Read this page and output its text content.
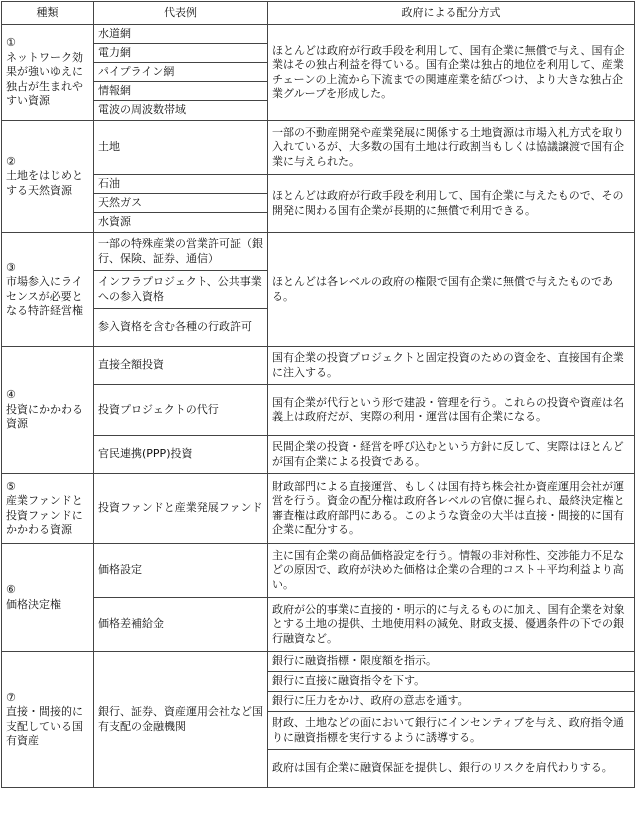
種類	代表例	政府による配分方式

①
ネットワーク効果が強いゆえに独占が生まれやすい資源	水道網	ほとんどは政府が行政手段を利用して、国有企業に無償で与え、国有企業はその独占利益を得ている。国有企業は独占的地位を利用して、産業チェーンの上流から下流までの関連産業を結びつけ、より大きな独占企業グループを形成した。
	電力網	
	パイプライン網	
	情報網	
	電波の周波数帯域	

②
土地をはじめとする天然資源	土地	一部の不動産開発や産業発展に関係する土地資源は市場入札方式を取り入れているが、大多数の国有土地は行政割当もしくは協議譲渡で国有企業に与えられた。
	石油	ほとんどは政府が行政手段を利用して、国有企業に与えたもので、その開発に関わる国有企業が長期的に無償で利用できる。
	天然ガス	
	水資源	

③
市場参入にライセンスが必要となる特許経営権	一部の特殊産業の営業許可証（銀行、保険、証券、通信）	ほとんどは各レベルの政府の権限で国有企業に無償で与えたものである。
	インフラプロジェクト、公共事業への参入資格	
	参入資格を含む各種の行政許可	

④
投資にかかわる資源	直接全額投資	国有企業の投資プロジェクトと固定投資のための資金を、直接国有企業に注入する。
	投資プロジェクトの代行	国有企業が代行という形で建設・管理を行う。これらの投資や資産は名義上は政府だが、実際の利用・運営は国有企業になる。
	官民連携(PPP)投資	民間企業の投資・経営を呼び込むという方針に反して、実際はほとんどが国有企業による投資である。

⑤
産業ファンドと投資ファンドにかかわる資源	投資ファンドと産業発展ファンド	財政部門による直接運営、もしくは国有持ち株会社か資産運用会社が運営を行う。資金の配分権は政府各レベルの官僚に握られ、最終決定権と審査権は政府部門にある。このような資金の大半は直接・間接的に国有企業に配分する。

⑥
価格決定権	価格設定	主に国有企業の商品価格設定を行う。情報の非対称性、交渉能力不足などの原因で、政府が決めた価格は企業の合理的コスト＋平均利益より高い。
	価格差補給金	政府が公的事業に直接的・明示的に与えるものに加え、国有企業を対象とする土地の提供、土地使用料の減免、財政支援、優遇条件の下での銀行融資など。

⑦
直接・間接的に支配している国有資産	銀行、証券、資産運用会社など国有支配の金融機関	銀行に融資指標・限度額を指示。
		銀行に直接に融資指令を下す。
		銀行に圧力をかけ、政府の意志を通す。
		財政、土地などの面において銀行にインセンティブを与え、政府指令通りに融資指標を実行するように誘導する。
		政府は国有企業に融資保証を提供し、銀行のリスクを肩代わりする。
